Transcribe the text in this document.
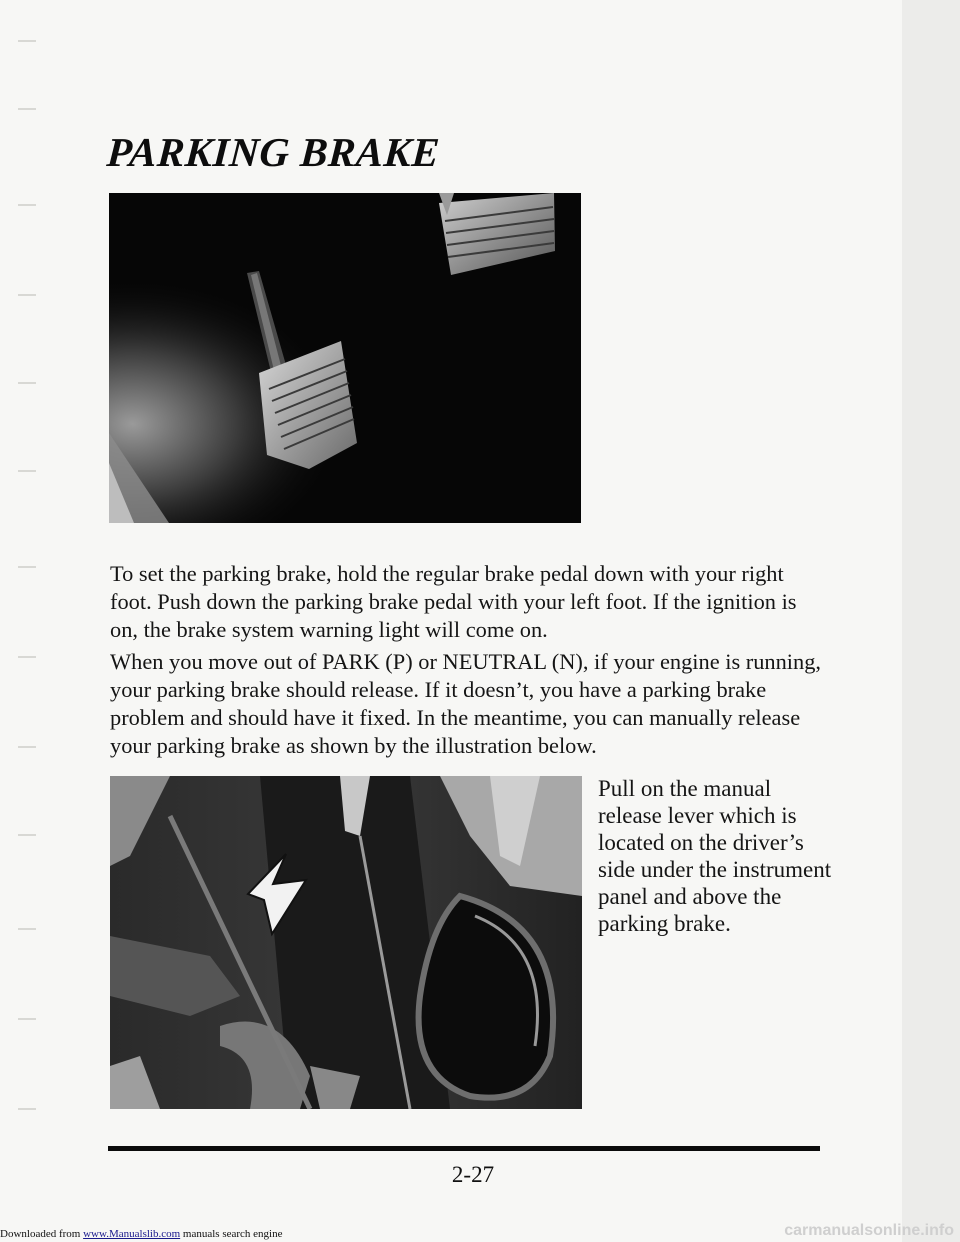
PARKING BRAKE

To set the parking brake, hold the regular brake pedal down with your right foot. Push down the parking brake pedal with your left foot. If the ignition is on, the brake system warning light will come on.

When you move out of PARK (P) or NEUTRAL (N), if your engine is running, your parking brake should release. If it doesn’t, you have a parking brake problem and should have it fixed. In the meantime, you can manually release your parking brake as shown by the illustration below.

Pull on the manual release lever which is located on the driver’s side under the instrument panel and above the parking brake.

2-27

Downloaded from www.Manualslib.com manuals search engine	carmanualsonline.info
